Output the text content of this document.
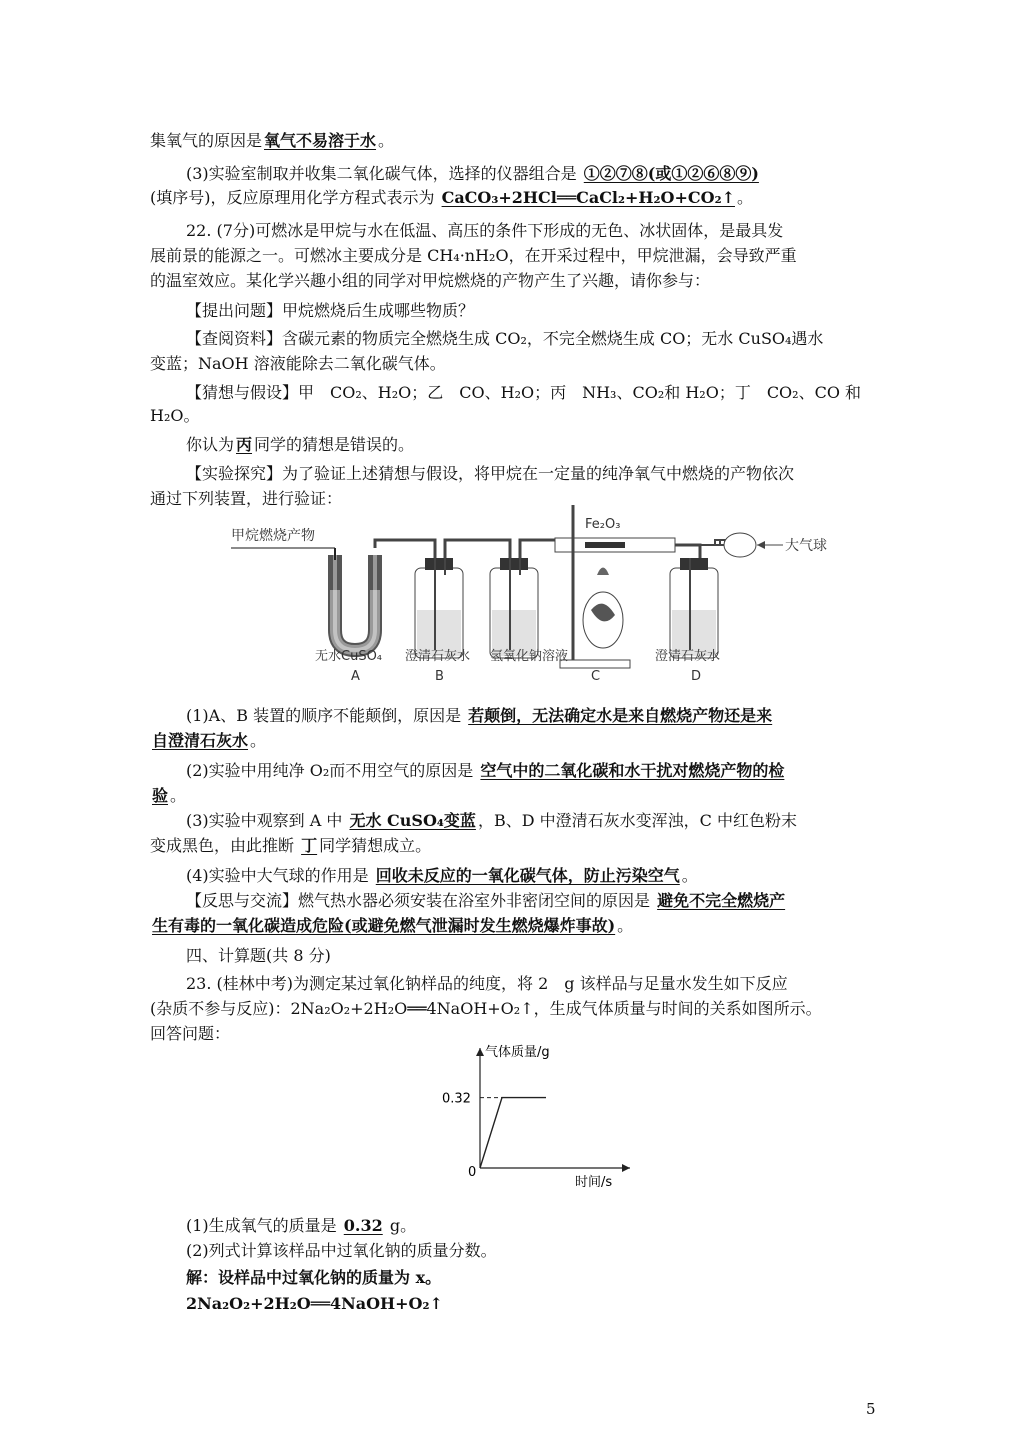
集氧气的原因是 氧气不易溶于水 。
(3)实验室制取并收集二氧化碳气体，选择的仪器组合是 ①②⑦⑧(或①②⑥⑧⑨)
(填序号)，反应原理用化学方程式表示为 CaCO₃+2HCl══CaCl₂+H₂O+CO₂↑ 。
22. (7分)可燃冰是甲烷与水在低温、高压的条件下形成的无色、冰状固体，是最具发
展前景的能源之一。可燃冰主要成分是 CH₄·nH₂O，在开采过程中，甲烷泄漏，会导致严重
的温室效应。某化学兴趣小组的同学对甲烷燃烧的产物产生了兴趣，请你参与：
【提出问题】甲烷燃烧后生成哪些物质？
【查阅资料】含碳元素的物质完全燃烧生成 CO₂，不完全燃烧生成 CO；无水 CuSO₄遇水
变蓝；NaOH 溶液能除去二氧化碳气体。
【猜想与假设】甲　CO₂、H₂O；乙　CO、H₂O；丙　NH₃、CO₂和 H₂O；丁　CO₂、CO 和
H₂O。
你认为 丙 同学的猜想是错误的。
【实验探究】为了验证上述猜想与假设，将甲烷在一定量的纯净氧气中燃烧的产物依次
通过下列装置，进行验证：
(1)A、B 装置的顺序不能颠倒，原因是 若颠倒，无法确定水是来自燃烧产物还是来
自澄清石灰水 。
(2)实验中用纯净 O₂而不用空气的原因是 空气中的二氧化碳和水干扰对燃烧产物的检
验 。
(3)实验中观察到 A 中 无水 CuSO₄变蓝 ，B、D 中澄清石灰水变浑浊，C 中红色粉末
变成黑色，由此推断 丁 同学猜想成立。
(4)实验中大气球的作用是 回收未反应的一氧化碳气体，防止污染空气 。
【反思与交流】燃气热水器必须安装在浴室外非密闭空间的原因是 避免不完全燃烧产
生有毒的一氧化碳造成危险(或避免燃气泄漏时发生燃烧爆炸事故) 。
四、计算题(共 8 分)
23. (桂林中考)为测定某过氧化钠样品的纯度，将 2　g 该样品与足量水发生如下反应
(杂质不参与反应)：2Na₂O₂+2H₂O══4NaOH+O₂↑，生成气体质量与时间的关系如图所示。
回答问题：
(1)生成氧气的质量是 0.32 g。
(2)列式计算该样品中过氧化钠的质量分数。
解：设样品中过氧化钠的质量为 x。
2Na₂O₂+2H₂O══4NaOH+O₂↑
甲烷燃烧产物
Fe₂O₃
大气球
无水CuSO₄ 澄清石灰水 氢氧化钠溶液	澄清石灰水
A	B	C	D
气体质量/g
时间/s
0.32
0
5
